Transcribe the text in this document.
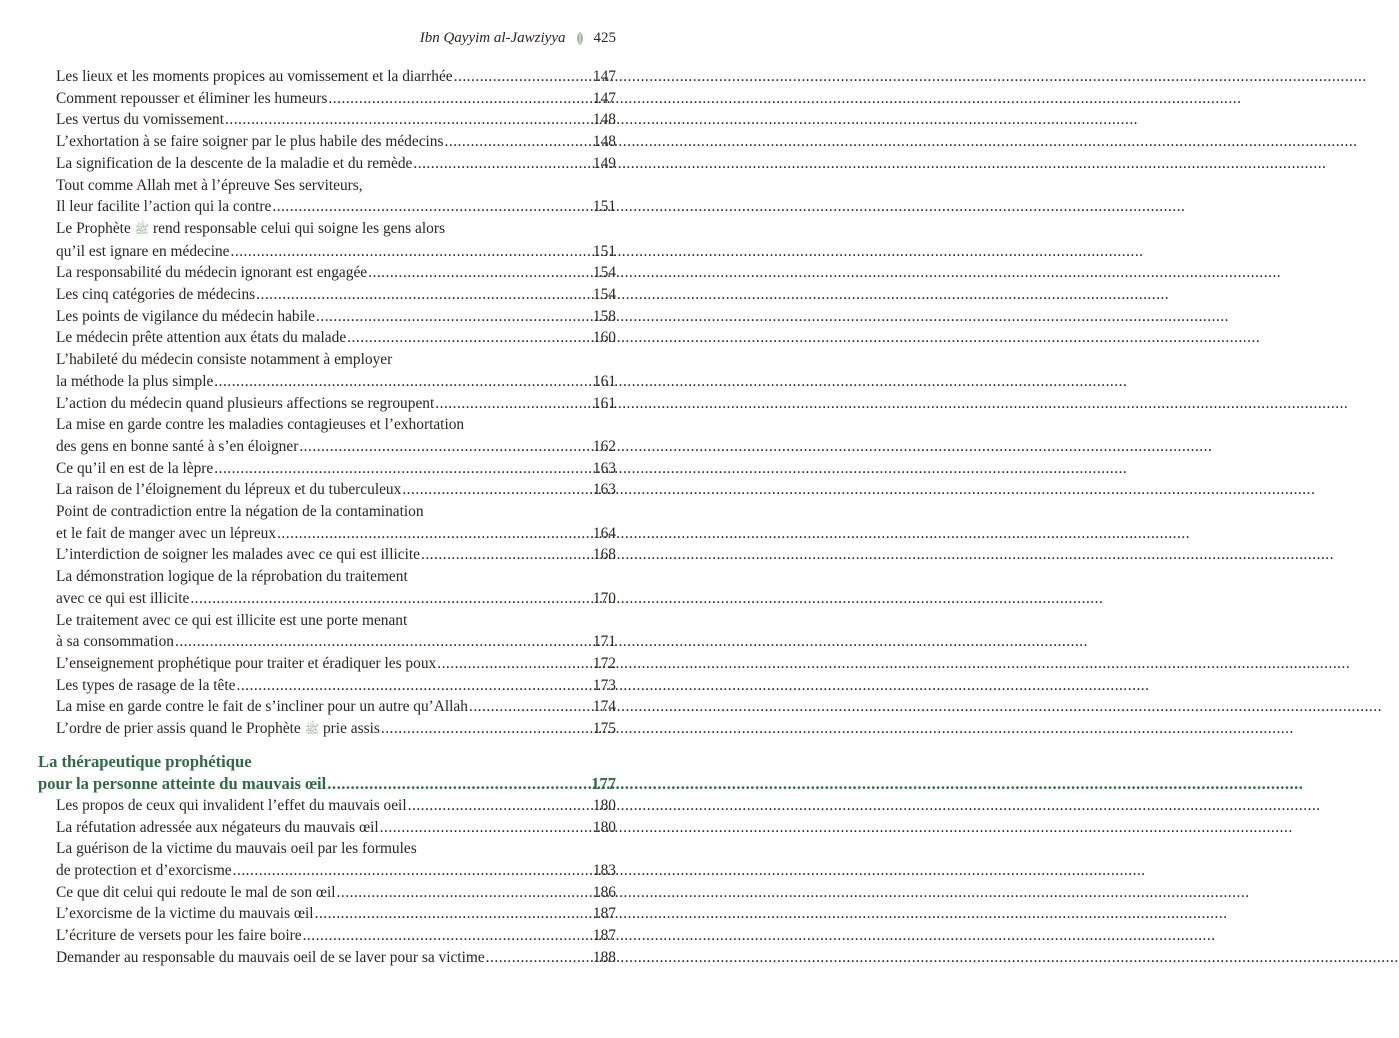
Ibn Qayyim al-Jawziyya 425
Les lieux et les moments propices au vomissement et la diarrhée .....	147
Comment repousser et éliminer les humeurs .....	147
Les vertus du vomissement .....	148
L’exhortation à se faire soigner par le plus habile des médecins .....	148
La signification de la descente de la maladie et du remède .....	149
Tout comme Allah met à l’épreuve Ses serviteurs,
Il leur facilite l’action qui la contre .....	151
Le Prophète ﷺ rend responsable celui qui soigne les gens alors
qu’il est ignare en médecine .....	151
La responsabilité du médecin ignorant est engagée .....	154
Les cinq catégories de médecins .....	154
Les points de vigilance du médecin habile .....	158
Le médecin prête attention aux états du malade .....	160
L’habileté du médecin consiste notamment à employer
la méthode la plus simple .....	161
L’action du médecin quand plusieurs affections se regroupent .....	161
La mise en garde contre les maladies contagieuses et l’exhortation
des gens en bonne santé à s’en éloigner .....	162
Ce qu’il en est de la lèpre .....	163
La raison de l’éloignement du lépreux et du tuberculeux .....	163
Point de contradiction entre la négation de la contamination
et le fait de manger avec un lépreux .....	164
L’interdiction de soigner les malades avec ce qui est illicite .....	168
La démonstration logique de la réprobation du traitement
avec ce qui est illicite .....	170
Le traitement avec ce qui est illicite est une porte menant
à sa consommation .....	171
L’enseignement prophétique pour traiter et éradiquer les poux .....	172
Les types de rasage de la tête .....	173
La mise en garde contre le fait de s’incliner pour un autre qu’Allah .....	174
L’ordre de prier assis quand le Prophète ﷺ prie assis .....	175
La thérapeutique prophétique
pour la personne atteinte du mauvais œil .....	177
Les propos de ceux qui invalident l’effet du mauvais oeil .....	180
La réfutation adressée aux négateurs du mauvais œil .....	180
La guérison de la victime du mauvais oeil par les formules
de protection et d’exorcisme .....	183
Ce que dit celui qui redoute le mal de son œil .....	186
L’exorcisme de la victime du mauvais œil .....	187
L’écriture de versets pour les faire boire .....	187
Demander au responsable du mauvais oeil de se laver pour sa victime .....	188
